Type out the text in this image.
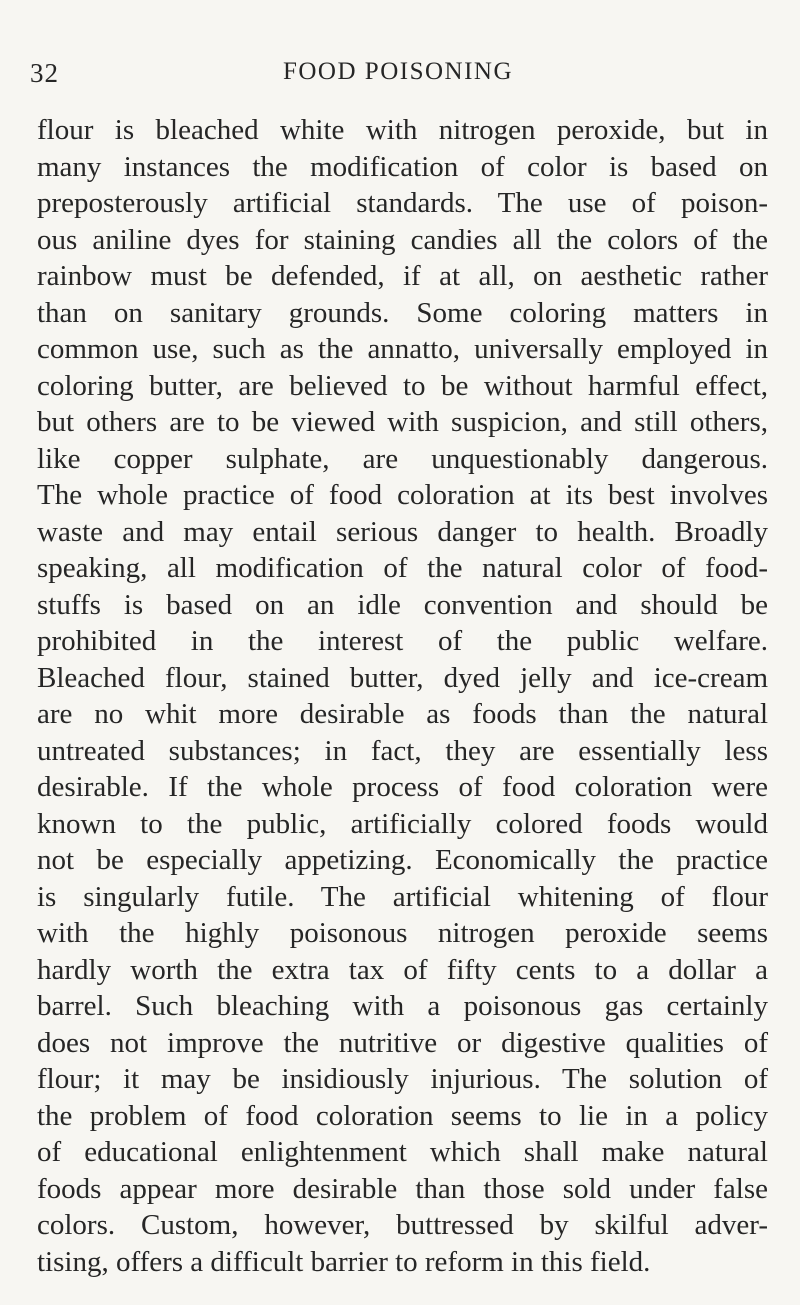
32	FOOD POISONING
flour is bleached white with nitrogen peroxide, but in
many instances the modification of color is based on
preposterously artificial standards. The use of poison-
ous aniline dyes for staining candies all the colors of the
rainbow must be defended, if at all, on aesthetic rather
than on sanitary grounds. Some coloring matters in
common use, such as the annatto, universally employed in
coloring butter, are believed to be without harmful effect,
but others are to be viewed with suspicion, and still others,
like copper sulphate, are unquestionably dangerous.
The whole practice of food coloration at its best involves
waste and may entail serious danger to health. Broadly
speaking, all modification of the natural color of food-
stuffs is based on an idle convention and should be
prohibited in the interest of the public welfare.
Bleached flour, stained butter, dyed jelly and ice-cream
are no whit more desirable as foods than the natural
untreated substances; in fact, they are essentially less
desirable. If the whole process of food coloration were
known to the public, artificially colored foods would
not be especially appetizing. Economically the practice
is singularly futile. The artificial whitening of flour
with the highly poisonous nitrogen peroxide seems
hardly worth the extra tax of fifty cents to a dollar a
barrel. Such bleaching with a poisonous gas certainly
does not improve the nutritive or digestive qualities of
flour; it may be insidiously injurious. The solution of
the problem of food coloration seems to lie in a policy
of educational enlightenment which shall make natural
foods appear more desirable than those sold under false
colors. Custom, however, buttressed by skilful adver-
tising, offers a difficult barrier to reform in this field.
